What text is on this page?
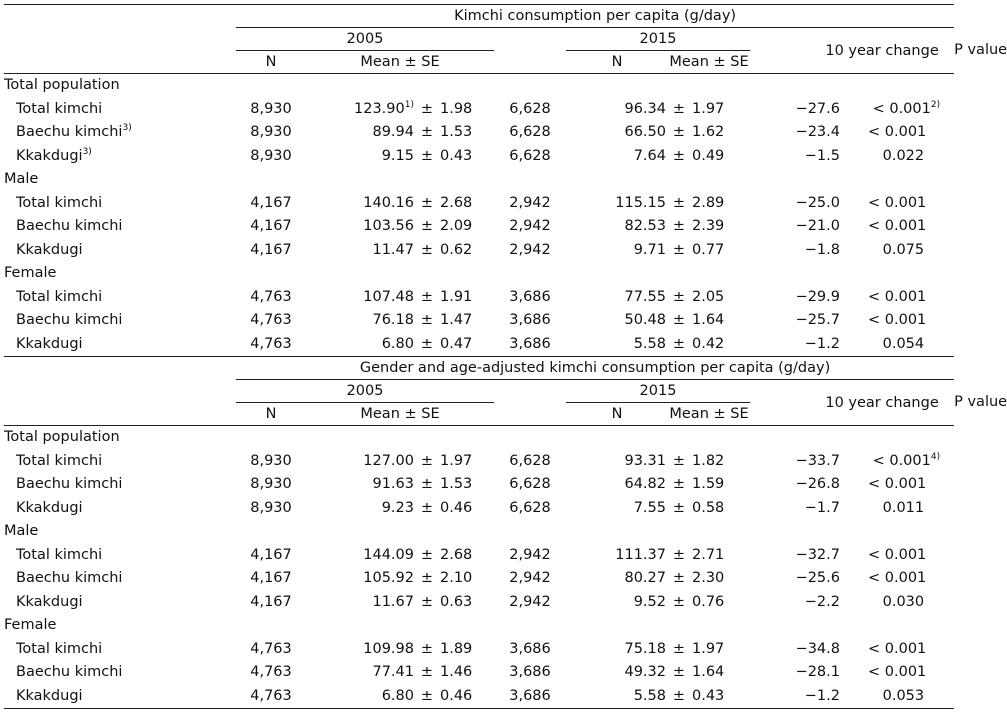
	Kimchi consumption per capita (g/day)										
	2005					2015			10 year change		P value
	N	Mean ± SE				N	Mean ± SE				
Total population											
Total kimchi	8,930	$123.90^{1)}$	±	1.98	6,628	96.34	±	1.97	−27.6	< $0.001^{2)}$
Baechu kimchi$^{3)}$	8,930	89.94	±	1.53	6,628	66.50	±	1.62	−23.4	< 0.001	
Kkakdugi$^{3)}$	8,930	9.15	±	0.43	6,628	7.64	±	0.49	−1.5	0.022	
Male											
Total kimchi	4,167	140.16	±	2.68	2,942	115.15	±	2.89	−25.0	< 0.001	
Baechu kimchi	4,167	103.56	±	2.09	2,942	82.53	±	2.39	−21.0	< 0.001	
Kkakdugi	4,167	11.47	±	0.62	2,942	9.71	±	0.77	−1.8	0.075	
Female											
Total kimchi	4,763	107.48	±	1.91	3,686	77.55	±	2.05	−29.9	< 0.001	
Baechu kimchi	4,763	76.18	±	1.47	3,686	50.48	±	1.64	−25.7	< 0.001	
Kkakdugi	4,763	6.80	±	0.47	3,686	5.58	±	0.42	−1.2	0.054	
	Gender and age-adjusted kimchi consumption per capita (g/day)										
	2005					2015			10 year change		P value
	N	Mean ± SE				N	Mean ± SE				
Total population											
Total kimchi	8,930	127.00	±	1.97	6,628	93.31	±	1.82	−33.7	< $0.001^{4)}$
Baechu kimchi	8,930	91.63	±	1.53	6,628	64.82	±	1.59	−26.8	< 0.001	
Kkakdugi	8,930	9.23	±	0.46	6,628	7.55	±	0.58	−1.7	0.011	
Male											
Total kimchi	4,167	144.09	±	2.68	2,942	111.37	±	2.71	−32.7	< 0.001	
Baechu kimchi	4,167	105.92	±	2.10	2,942	80.27	±	2.30	−25.6	< 0.001	
Kkakdugi	4,167	11.67	±	0.63	2,942	9.52	±	0.76	−2.2	0.030	
Female											
Total kimchi	4,763	109.98	±	1.89	3,686	75.18	±	1.97	−34.8	< 0.001	
Baechu kimchi	4,763	77.41	±	1.46	3,686	49.32	±	1.64	−28.1	< 0.001	
Kkakdugi	4,763	6.80	±	0.46	3,686	5.58	±	0.43	−1.2	0.053	
